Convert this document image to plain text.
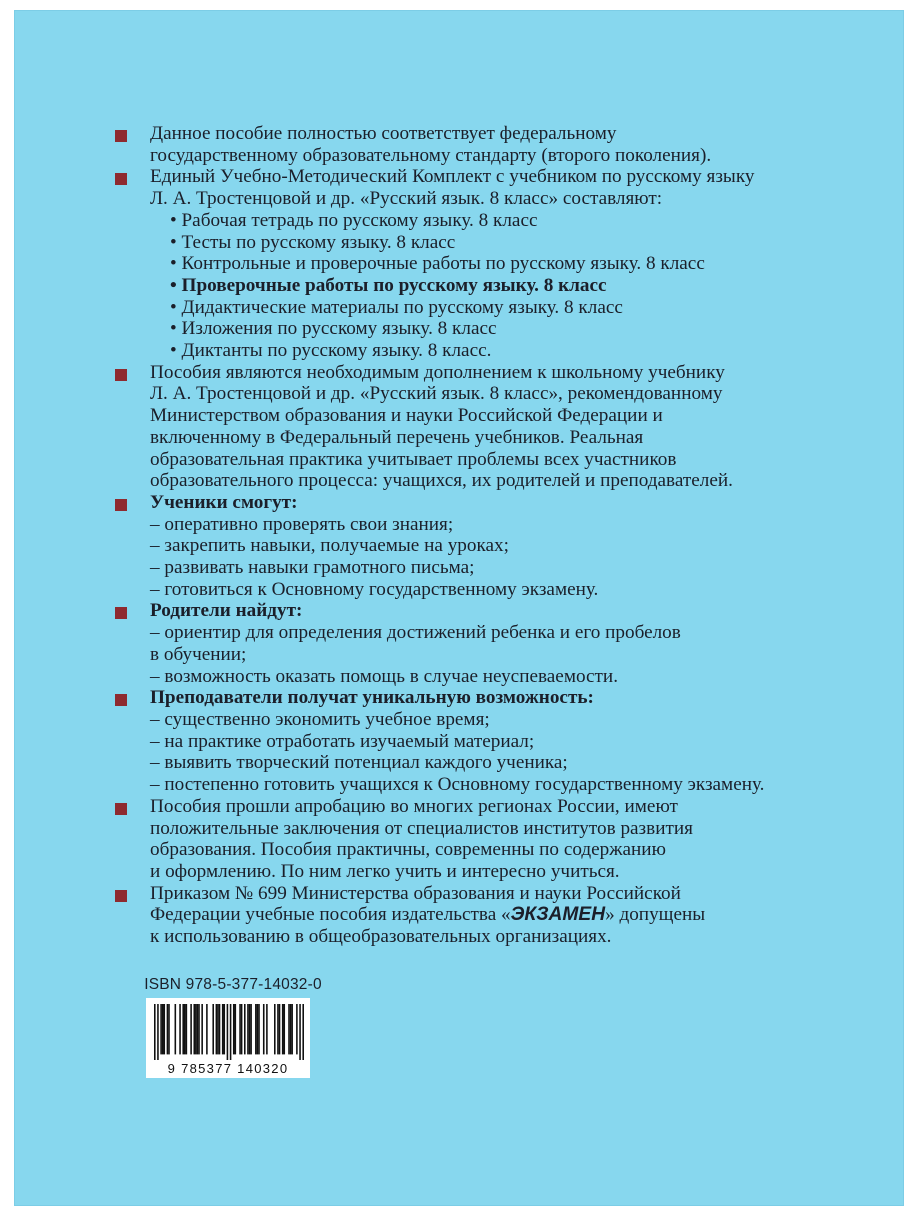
Данное пособие полностью соответствует федеральному
государственному образовательному стандарту (второго поколения).
Единый Учебно-Методический Комплект с учебником по русскому языку
Л. А. Тростенцовой и др. «Русский язык. 8 класс» составляют:
• Рабочая тетрадь по русскому языку. 8 класс
• Тесты по русскому языку. 8 класс
• Контрольные и проверочные работы по русскому языку. 8 класс
• Проверочные работы по русскому языку. 8 класс
• Дидактические материалы по русскому языку. 8 класс
• Изложения по русскому языку. 8 класс
• Диктанты по русскому языку. 8 класс.
Пособия являются необходимым дополнением к школьному учебнику
Л. А. Тростенцовой и др. «Русский язык. 8 класс», рекомендованному
Министерством образования и науки Российской Федерации и
включенному в Федеральный перечень учебников. Реальная
образовательная практика учитывает проблемы всех участников
образовательного процесса: учащихся, их родителей и преподавателей.
Ученики смогут:
– оперативно проверять свои знания;
– закрепить навыки, получаемые на уроках;
– развивать навыки грамотного письма;
– готовиться к Основному государственному экзамену.
Родители найдут:
– ориентир для определения достижений ребенка и его пробелов
в обучении;
– возможность оказать помощь в случае неуспеваемости.
Преподаватели получат уникальную возможность:
– существенно экономить учебное время;
– на практике отработать изучаемый материал;
– выявить творческий потенциал каждого ученика;
– постепенно готовить учащихся к Основному государственному экзамену.
Пособия прошли апробацию во многих регионах России, имеют
положительные заключения от специалистов институтов развития
образования. Пособия практичны, современны по содержанию
и оформлению. По ним легко учить и интересно учиться.
Приказом № 699 Министерства образования и науки Российской
Федерации учебные пособия издательства «ЭКЗАМЕН» допущены
к использованию в общеобразовательных организациях.
ISBN 978-5-377-14032-0
9 785377 140320
